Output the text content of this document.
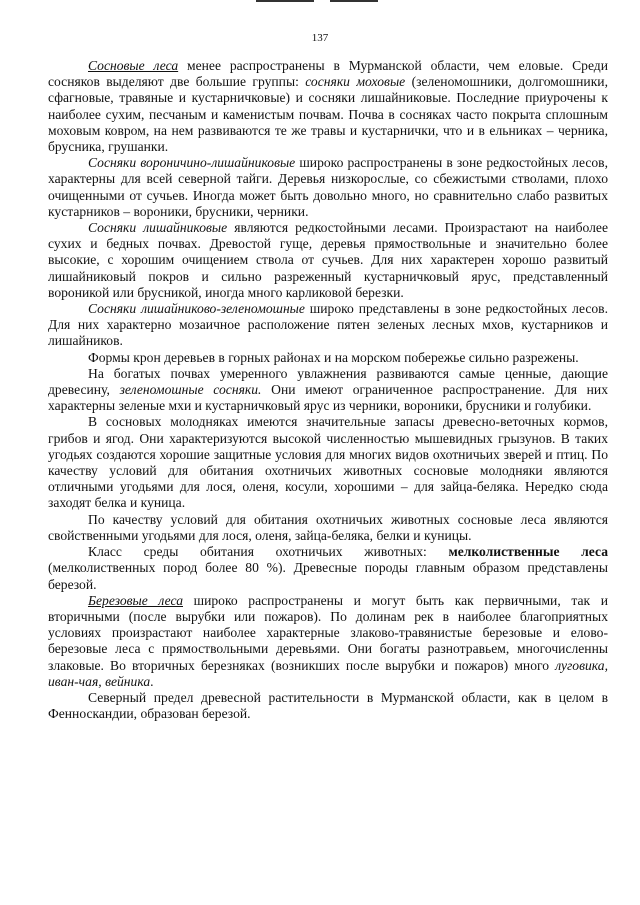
137

Сосновые леса менее распространены в Мурманской области, чем еловые. Среди сосняков выделяют две большие группы: сосняки моховые (зеленомошники, долгомошники, сфагновые, травяные и кустарничковые) и сосняки лишайниковые. Последние приурочены к наиболее сухим, песчаным и каменистым почвам. Почва в сосняках часто покрыта сплошным моховым ковром, на нем развиваются те же травы и кустарнички, что и в ельниках – черника, брусника, грушанки.

Сосняки вороничино-лишайниковые широко распространены в зоне редкостойных лесов, характерны для всей северной тайги. Деревья низкорослые, со сбежистыми стволами, плохо очищенными от сучьев. Иногда может быть довольно много, но сравнительно слабо развитых кустарников – вороники, брусники, черники.

Сосняки лишайниковые являются редкостойными лесами. Произрастают на наиболее сухих и бедных почвах. Древостой гуще, деревья прямоствольные и значительно более высокие, с хорошим очищением ствола от сучьев. Для них характерен хорошо развитый лишайниковый покров и сильно разреженный кустарничковый ярус, представленный вороникой или брусникой, иногда много карликовой березки.

Сосняки лишайниково-зеленомошные широко представлены в зоне редкостойных лесов. Для них характерно мозаичное расположение пятен зеленых лесных мхов, кустарников и лишайников.

Формы крон деревьев в горных районах и на морском побережье сильно разрежены.

На богатых почвах умеренного увлажнения развиваются самые ценные, дающие древесину, зеленомошные сосняки. Они имеют ограниченное распространение. Для них характерны зеленые мхи и кустарничковый ярус из черники, вороники, брусники и голубики.

В сосновых молодняках имеются значительные запасы древесно-веточных кормов, грибов и ягод. Они характеризуются высокой численностью мышевидных грызунов. В таких угодьях создаются хорошие защитные условия для многих видов охотничьих зверей и птиц. По качеству условий для обитания охотничьих животных сосновые молодняки являются отличными угодьями для лося, оленя, косули, хорошими – для зайца-беляка. Нередко сюда заходят белка и куница.

По качеству условий для обитания охотничьих животных сосновые леса являются свойственными угодьями для лося, оленя, зайца-беляка, белки и куницы.

Класс среды обитания охотничьих животных: мелколиственные леса (мелколиственных пород более 80 %). Древесные породы главным образом представлены березой.

Березовые леса широко распространены и могут быть как первичными, так и вторичными (после вырубки или пожаров). По долинам рек в наиболее благоприятных условиях произрастают наиболее характерные злаково-травянистые березовые и елово-березовые леса с прямоствольными деревьями. Они богаты разнотравьем, многочисленны злаковые. Во вторичных березняках (возникших после вырубки и пожаров) много луговика, иван-чая, вейника.

Северный предел древесной растительности в Мурманской области, как в целом в Фенноскандии, образован березой.
